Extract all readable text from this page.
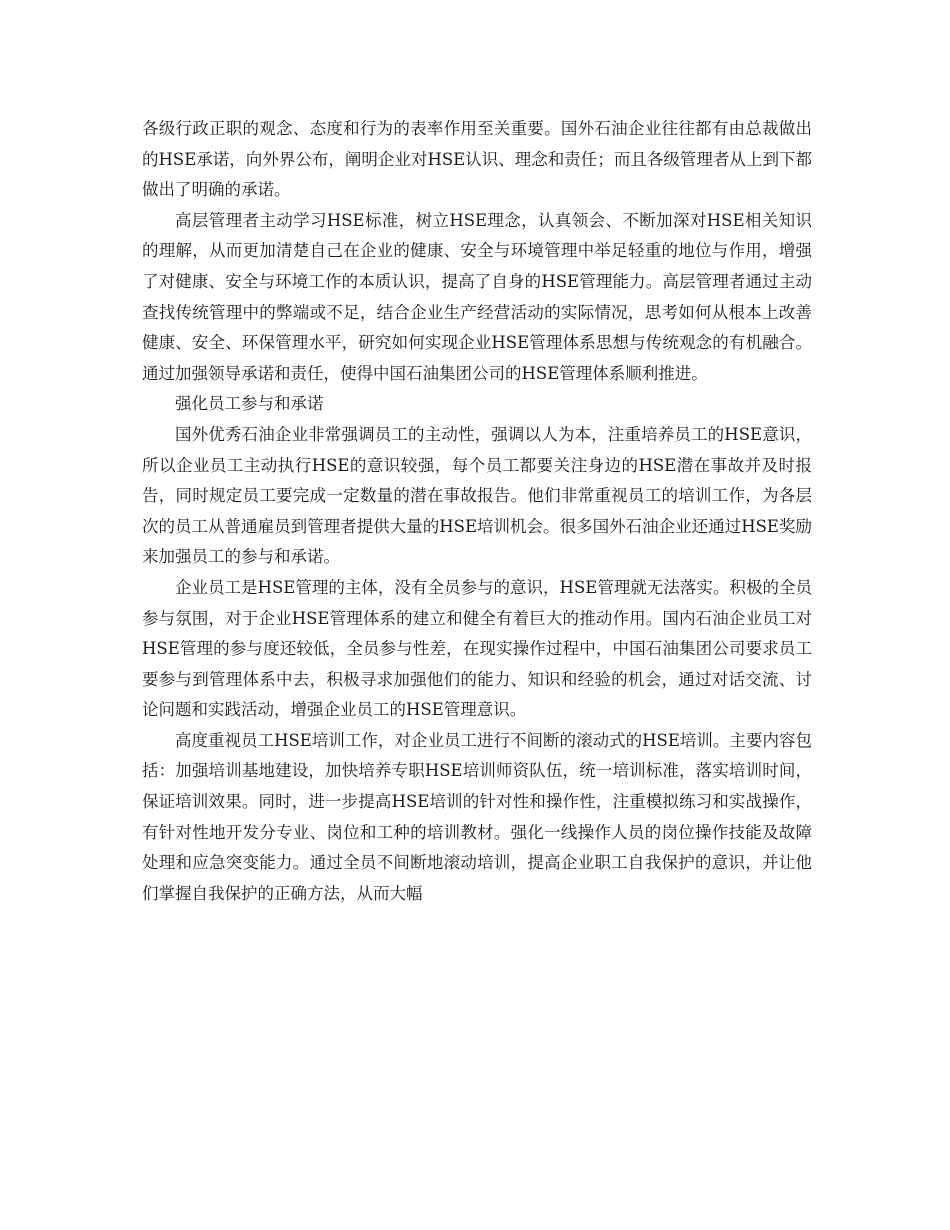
各级行政正职的观念、态度和行为的表率作用至关重要。国外石油企业往往都有由总裁做出的HSE承诺，向外界公布，阐明企业对HSE认识、理念和责任；而且各级管理者从上到下都做出了明确的承诺。

高层管理者主动学习HSE标准，树立HSE理念，认真领会、不断加深对HSE相关知识的理解，从而更加清楚自己在企业的健康、安全与环境管理中举足轻重的地位与作用，增强了对健康、安全与环境工作的本质认识，提高了自身的HSE管理能力。高层管理者通过主动查找传统管理中的弊端或不足，结合企业生产经营活动的实际情况，思考如何从根本上改善健康、安全、环保管理水平，研究如何实现企业HSE管理体系思想与传统观念的有机融合。通过加强领导承诺和责任，使得中国石油集团公司的HSE管理体系顺利推进。

强化员工参与和承诺

国外优秀石油企业非常强调员工的主动性，强调以人为本，注重培养员工的HSE意识，所以企业员工主动执行HSE的意识较强，每个员工都要关注身边的HSE潜在事故并及时报告，同时规定员工要完成一定数量的潜在事故报告。他们非常重视员工的培训工作，为各层次的员工从普通雇员到管理者提供大量的HSE培训机会。很多国外石油企业还通过HSE奖励来加强员工的参与和承诺。

企业员工是HSE管理的主体，没有全员参与的意识，HSE管理就无法落实。积极的全员参与氛围，对于企业HSE管理体系的建立和健全有着巨大的推动作用。国内石油企业员工对HSE管理的参与度还较低，全员参与性差，在现实操作过程中，中国石油集团公司要求员工要参与到管理体系中去，积极寻求加强他们的能力、知识和经验的机会，通过对话交流、讨论问题和实践活动，增强企业员工的HSE管理意识。

高度重视员工HSE培训工作，对企业员工进行不间断的滚动式的HSE培训。主要内容包括：加强培训基地建设，加快培养专职HSE培训师资队伍，统一培训标准，落实培训时间，保证培训效果。同时，进一步提高HSE培训的针对性和操作性，注重模拟练习和实战操作，有针对性地开发分专业、岗位和工种的培训教材。强化一线操作人员的岗位操作技能及故障处理和应急突变能力。通过全员不间断地滚动培训，提高企业职工自我保护的意识，并让他们掌握自我保护的正确方法，从而大幅
